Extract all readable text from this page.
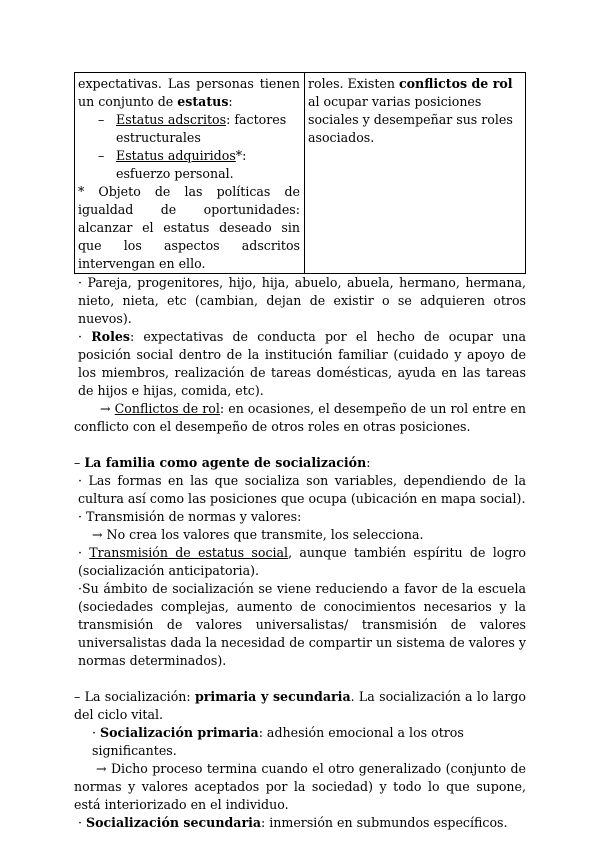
expectativas. Las personas tienen un conjunto de estatus:

– Estatus adscritos: factores estructurales
– Estatus adquiridos*: esfuerzo personal.

* Objeto de las políticas de igualdad de oportunidades: alcanzar el estatus deseado sin que los aspectos adscritos intervengan en ello.

roles. Existen conflictos de rol al ocupar varias posiciones sociales y desempeñar sus roles asociados.

· Pareja, progenitores, hijo, hija, abuelo, abuela, hermano, hermana, nieto, nieta, etc (cambian, dejan de existir o se adquieren otros nuevos).

· Roles: expectativas de conducta por el hecho de ocupar una posición social dentro de la institución familiar (cuidado y apoyo de los miembros, realización de tareas domésticas, ayuda en las tareas de hijos e hijas, comida, etc).

→ Conflictos de rol: en ocasiones, el desempeño de un rol entre en conflicto con el desempeño de otros roles en otras posiciones.

– La familia como agente de socialización:

· Las formas en las que socializa son variables, dependiendo de la cultura así como las posiciones que ocupa (ubicación en mapa social).

· Transmisión de normas y valores:

→ No crea los valores que transmite, los selecciona.

· Transmisión de estatus social, aunque también espíritu de logro (socialización anticipatoria).

·Su ámbito de socialización se viene reduciendo a favor de la escuela (sociedades complejas, aumento de conocimientos necesarios y la transmisión de valores universalistas/ transmisión de valores universalistas dada la necesidad de compartir un sistema de valores y normas determinados).

– La socialización: primaria y secundaria. La socialización a lo largo del ciclo vital.

· Socialización primaria: adhesión emocional a los otros significantes.

→ Dicho proceso termina cuando el otro generalizado (conjunto de normas y valores aceptados por la sociedad) y todo lo que supone, está interiorizado en el individuo.

· Socialización secundaria: inmersión en submundos específicos.
